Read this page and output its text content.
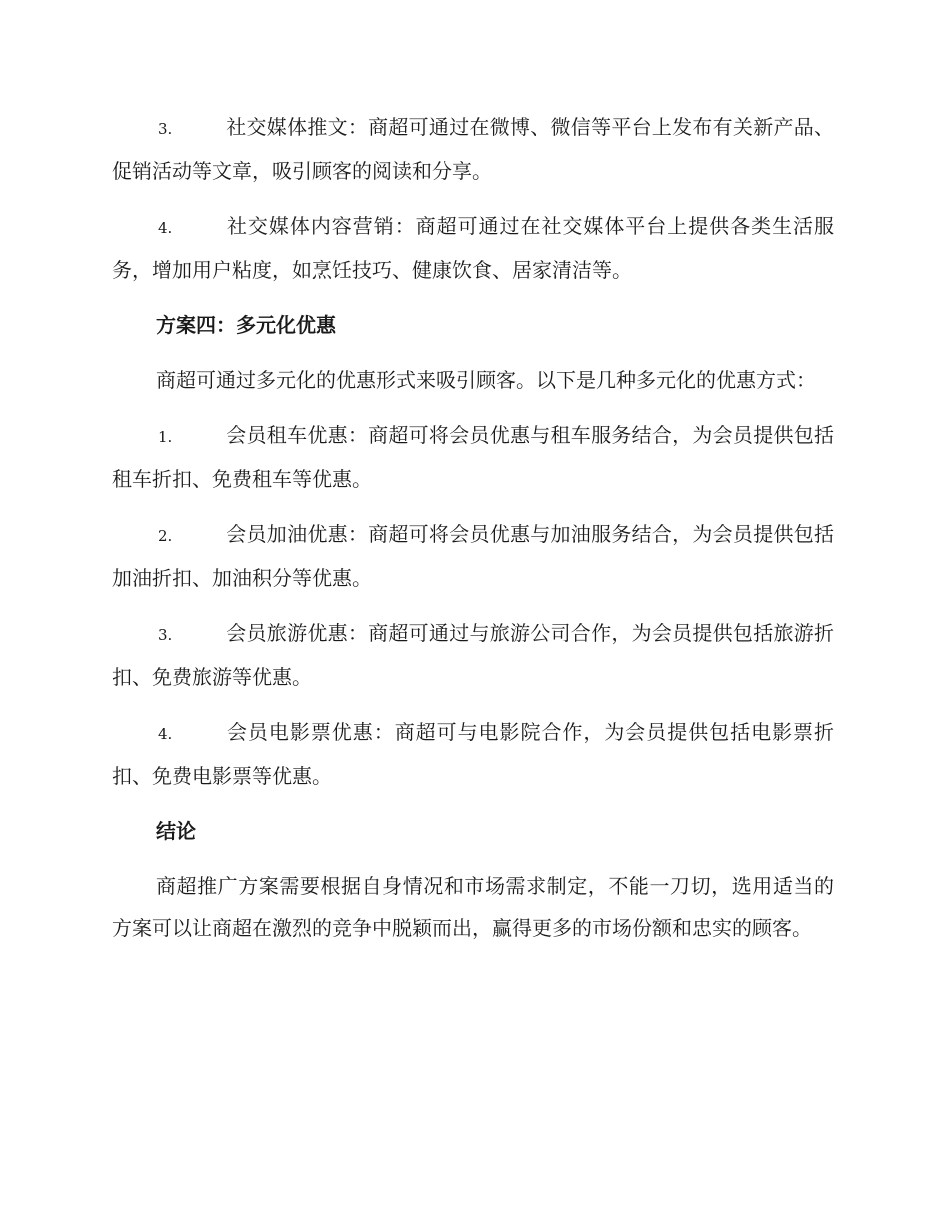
3.	社交媒体推文：商超可通过在微博、微信等平台上发布有关新产品、促销活动等文章，吸引顾客的阅读和分享。
4.	社交媒体内容营销：商超可通过在社交媒体平台上提供各类生活服务，增加用户粘度，如烹饪技巧、健康饮食、居家清洁等。
方案四：多元化优惠
商超可通过多元化的优惠形式来吸引顾客。以下是几种多元化的优惠方式：
1.	会员租车优惠：商超可将会员优惠与租车服务结合，为会员提供包括租车折扣、免费租车等优惠。
2.	会员加油优惠：商超可将会员优惠与加油服务结合，为会员提供包括加油折扣、加油积分等优惠。
3.	会员旅游优惠：商超可通过与旅游公司合作，为会员提供包括旅游折扣、免费旅游等优惠。
4.	会员电影票优惠：商超可与电影院合作，为会员提供包括电影票折扣、免费电影票等优惠。
结论
商超推广方案需要根据自身情况和市场需求制定，不能一刀切，选用适当的方案可以让商超在激烈的竞争中脱颖而出，赢得更多的市场份额和忠实的顾客。
